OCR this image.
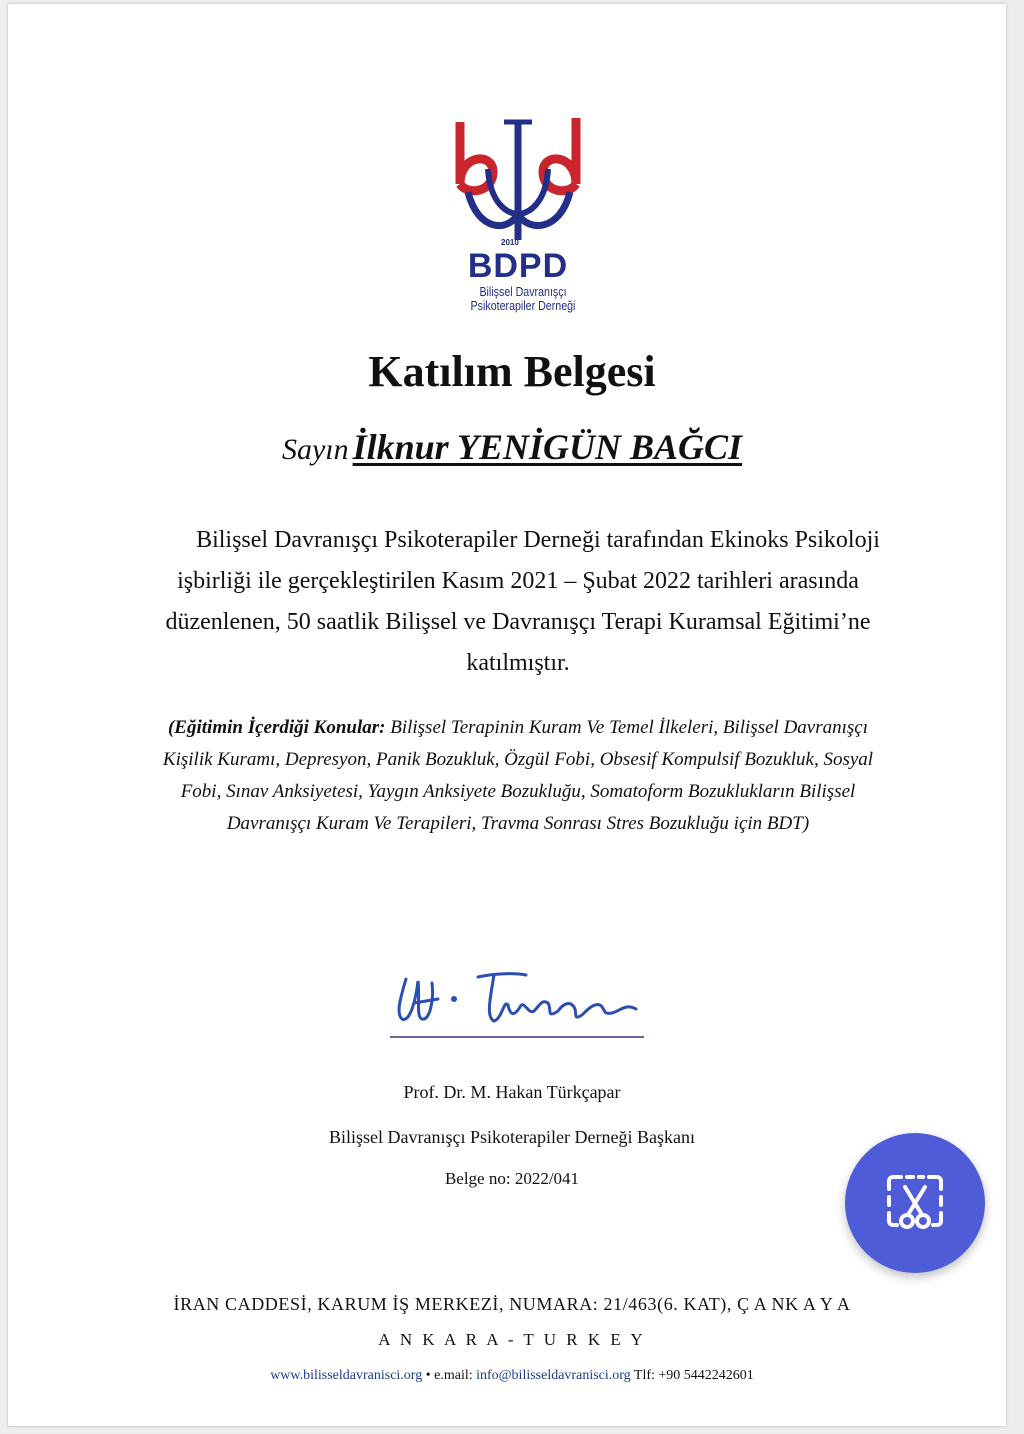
2010
BDPD
Bilişsel Davranışçı
Psikoterapiler Derneği
Katılım Belgesi
Sayın İlknur YENİGÜN BAĞCI
Bilişsel Davranışçı Psikoterapiler Derneği tarafından Ekinoks Psikoloji işbirliği ile gerçekleştirilen Kasım 2021 – Şubat 2022 tarihleri arasında düzenlenen, 50 saatlik Bilişsel ve Davranışçı Terapi Kuramsal Eğitimi’ne katılmıştır.
(Eğitimin İçerdiği Konular: Bilişsel Terapinin Kuram Ve Temel İlkeleri, Bilişsel Davranışçı Kişilik Kuramı, Depresyon, Panik Bozukluk, Özgül Fobi, Obsesif Kompulsif Bozukluk, Sosyal Fobi, Sınav Anksiyetesi, Yaygın Anksiyete Bozukluğu, Somatoform Bozuklukların Bilişsel Davranışçı Kuram Ve Terapileri, Travma Sonrası Stres Bozukluğu için BDT)
Prof. Dr. M. Hakan Türkçapar
Bilişsel Davranışçı Psikoterapiler Derneği Başkanı
Belge no: 2022/041
İRAN CADDESİ, KARUM İŞ MERKEZİ, NUMARA: 21/463(6. KAT), Ç A NK A Y A
A N K A R A - T U R K E Y
www.bilisseldavranisci.org • e.mail: info@bilisseldavranisci.org Tlf: +90 5442242601
